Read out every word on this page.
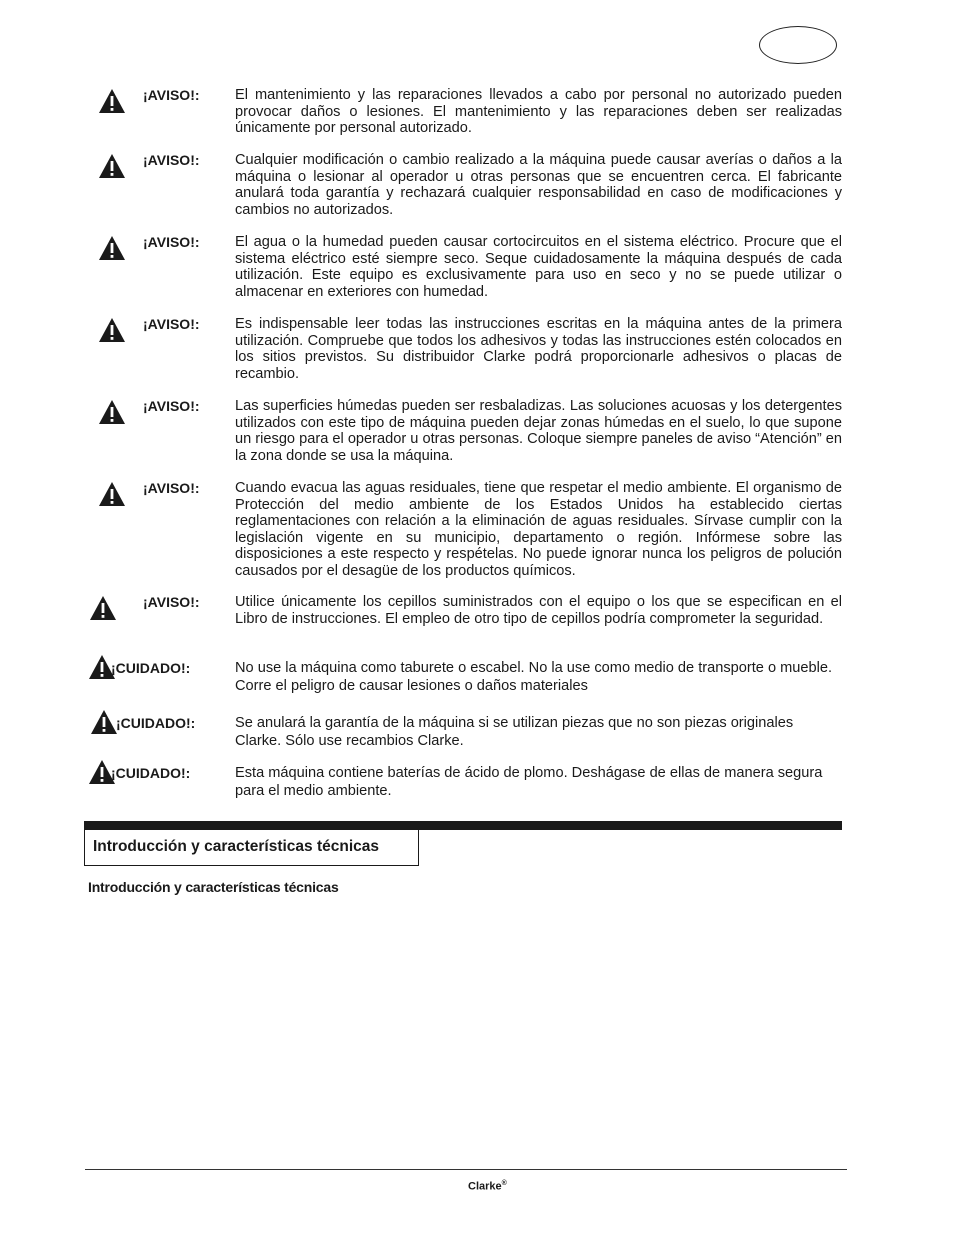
¡AVISO!: El mantenimiento y las reparaciones llevados a cabo por personal no autorizado pueden provocar daños o lesiones. El mantenimiento y las reparaciones deben ser realizadas únicamente por personal autorizado.
¡AVISO!: Cualquier modificación o cambio realizado a la máquina puede causar averías o daños a la máquina o lesionar al operador u otras personas que se encuentren cerca. El fabricante anulará toda garantía y rechazará cualquier responsabilidad en caso de modificaciones y cambios no autorizados.
¡AVISO!: El agua o la humedad pueden causar cortocircuitos en el sistema eléctrico. Procure que el sistema eléctrico esté siempre seco. Seque cuidadosamente la máquina después de cada utilización. Este equipo es exclusivamente para uso en seco y no se puede utilizar o almacenar en exteriores con humedad.
¡AVISO!: Es indispensable leer todas las instrucciones escritas en la máquina antes de la primera utilización. Compruebe que todos los adhesivos y todas las instrucciones estén colocados en los sitios previstos. Su distribuidor Clarke podrá proporcionarle adhesivos o placas de recambio.
¡AVISO!: Las superficies húmedas pueden ser resbaladizas. Las soluciones acuosas y los detergentes utilizados con este tipo de máquina pueden dejar zonas húmedas en el suelo, lo que supone un riesgo para el operador u otras personas. Coloque siempre paneles de aviso “Atención” en la zona donde se usa la máquina.
¡AVISO!: Cuando evacua las aguas residuales, tiene que respetar el medio ambiente. El organismo de Protección del medio ambiente de los Estados Unidos ha establecido ciertas reglamentaciones con relación a la eliminación de aguas residuales. Sírvase cumplir con la legislación vigente en su municipio, departamento o región. Infórmese sobre las disposiciones a este respecto y respételas. No puede ignorar nunca los peligros de polución causados por el desagüe de los productos químicos.
¡AVISO!: Utilice únicamente los cepillos suministrados con el equipo o los que se especifican en el Libro de instrucciones. El empleo de otro tipo de cepillos podría comprometer la seguridad.
¡CUIDADO!:	No use la máquina como taburete o escabel. No la use como medio de transporte o mueble. Corre el peligro de causar lesiones o daños materiales
¡CUIDADO!:	Se anulará la garantía de la máquina si se utilizan piezas que no son piezas originales Clarke. Sólo use recambios Clarke.
¡CUIDADO!:	Esta máquina contiene baterías de ácido de plomo. Deshágase de ellas de manera segura para el medio ambiente.
Introducción y características técnicas
Introducción y características técnicas
Clarke®
